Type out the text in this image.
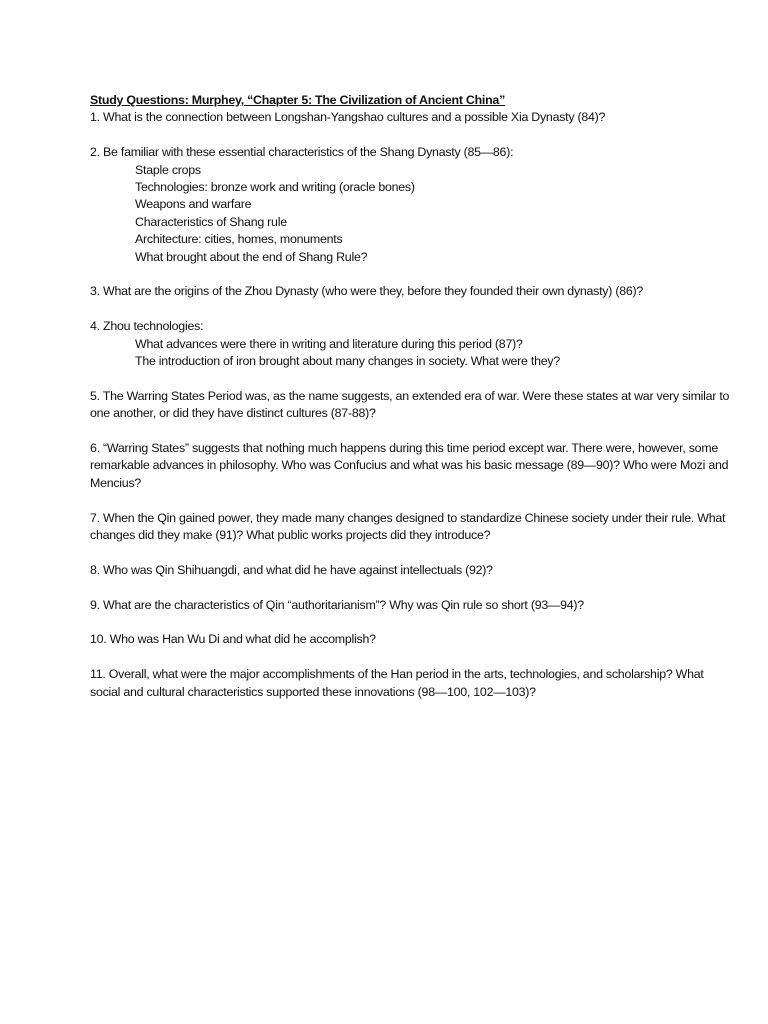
Study Questions: Murphey, “Chapter 5: The Civilization of Ancient China”

1. What is the connection between Longshan-Yangshao cultures and a possible Xia Dynasty (84)?

2. Be familiar with these essential characteristics of the Shang Dynasty (85—86):

Staple crops

Technologies: bronze work and writing (oracle bones)

Weapons and warfare

Characteristics of Shang rule

Architecture: cities, homes, monuments

What brought about the end of Shang Rule?

3. What are the origins of the Zhou Dynasty (who were they, before they founded their own dynasty) (86)?

4. Zhou technologies:

What advances were there in writing and literature during this period (87)?

The introduction of iron brought about many changes in society. What were they?

5. The Warring States Period was, as the name suggests, an extended era of war. Were these states at war very similar to one another, or did they have distinct cultures (87-88)?

6. “Warring States” suggests that nothing much happens during this time period except war. There were, however, some remarkable advances in philosophy. Who was Confucius and what was his basic message (89—90)? Who were Mozi and Mencius?

7. When the Qin gained power, they made many changes designed to standardize Chinese society under their rule. What changes did they make (91)? What public works projects did they introduce?

8. Who was Qin Shihuangdi, and what did he have against intellectuals (92)?

9. What are the characteristics of Qin “authoritarianism”? Why was Qin rule so short (93—94)?

10. Who was Han Wu Di and what did he accomplish?

11. Overall, what were the major accomplishments of the Han period in the arts, technologies, and scholarship? What social and cultural characteristics supported these innovations (98—100, 102—103)?
